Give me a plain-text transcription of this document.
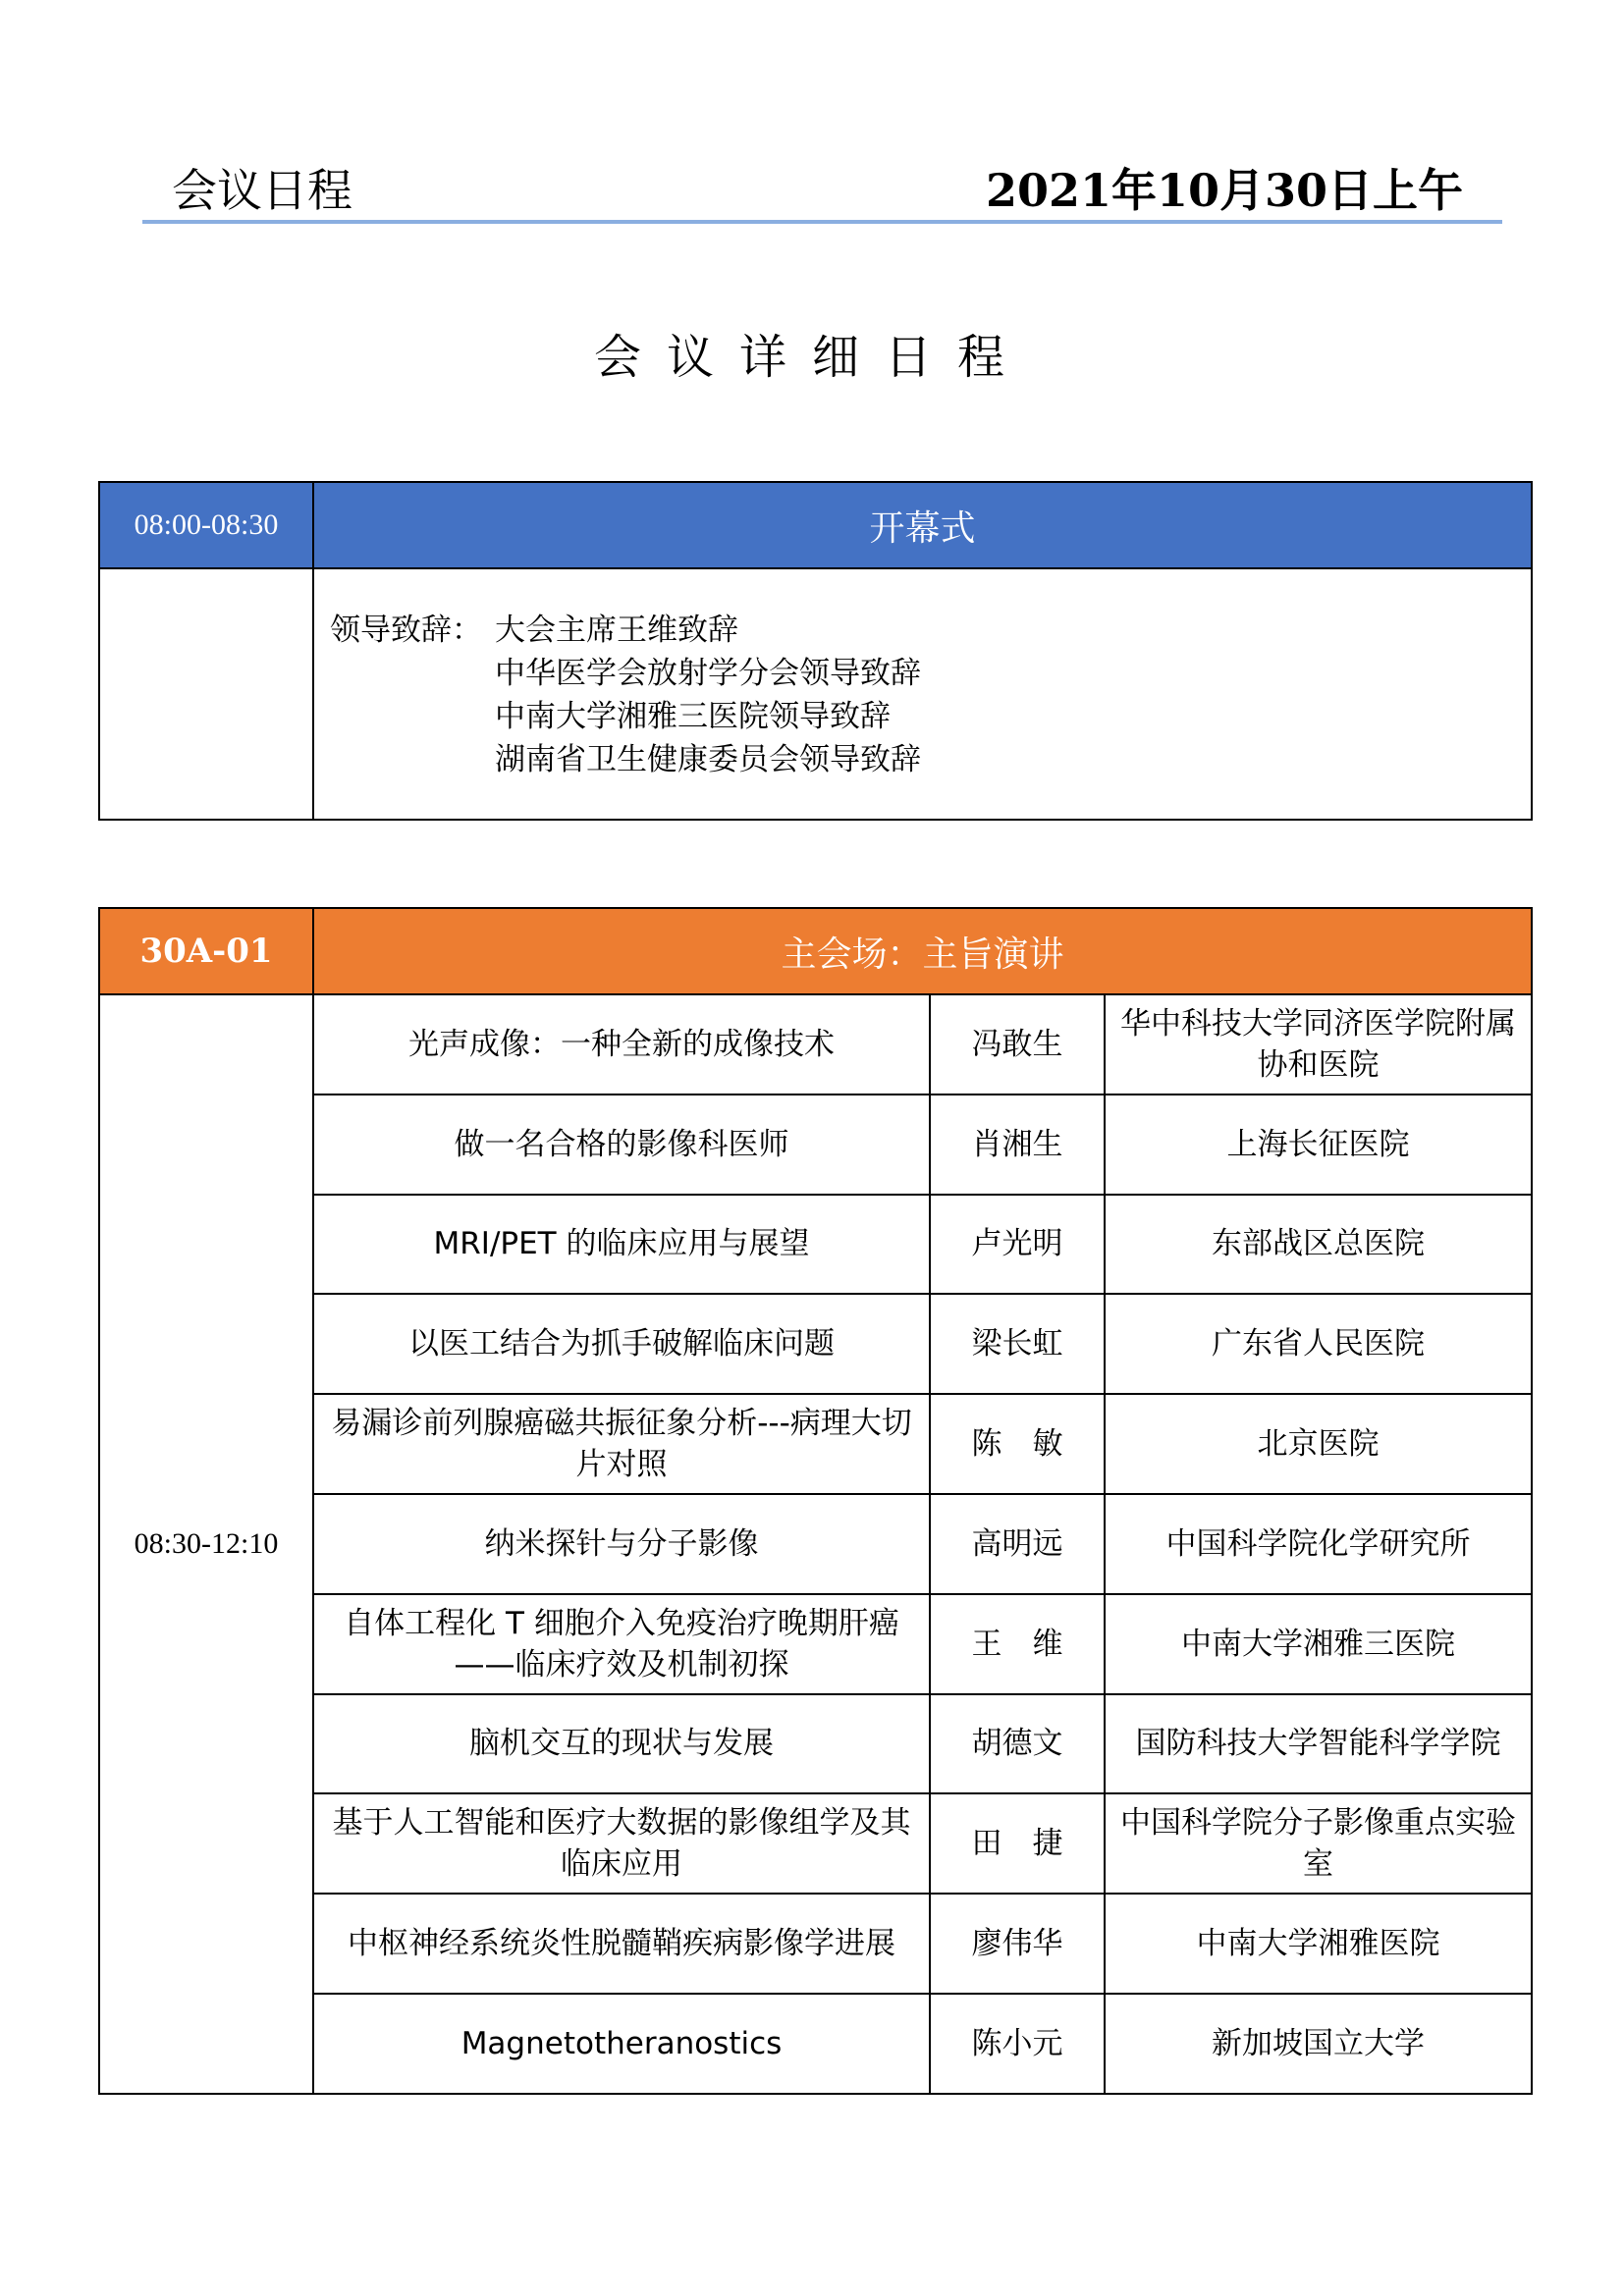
会议日程	2021年10月30日上午
会议详细日程
08:00-08:30	开幕式

	领导致辞： 大会主席王维致辞
中华医学会放射学分会领导致辞
中南大学湘雅三医院领导致辞
湖南省卫生健康委员会领导致辞
30A-01	主会场：主旨演讲		
08:30-12:10	光声成像：一种全新的成像技术	冯敢生	华中科技大学同济医学院附属协和医院
	做一名合格的影像科医师	肖湘生	上海长征医院
	MRI/PET 的临床应用与展望	卢光明	东部战区总医院
	以医工结合为抓手破解临床问题	梁长虹	广东省人民医院
	易漏诊前列腺癌磁共振征象分析---病理大切片对照	陈　敏	北京医院
	纳米探针与分子影像	高明远	中国科学院化学研究所
	自体工程化 T 细胞介入免疫治疗晚期肝癌——临床疗效及机制初探	王　维	中南大学湘雅三医院
	脑机交互的现状与发展	胡德文	国防科技大学智能科学学院
	基于人工智能和医疗大数据的影像组学及其临床应用	田　捷	中国科学院分子影像重点实验室
	中枢神经系统炎性脱髓鞘疾病影像学进展	廖伟华	中南大学湘雅医院
	Magnetotheranostics	陈小元	新加坡国立大学
